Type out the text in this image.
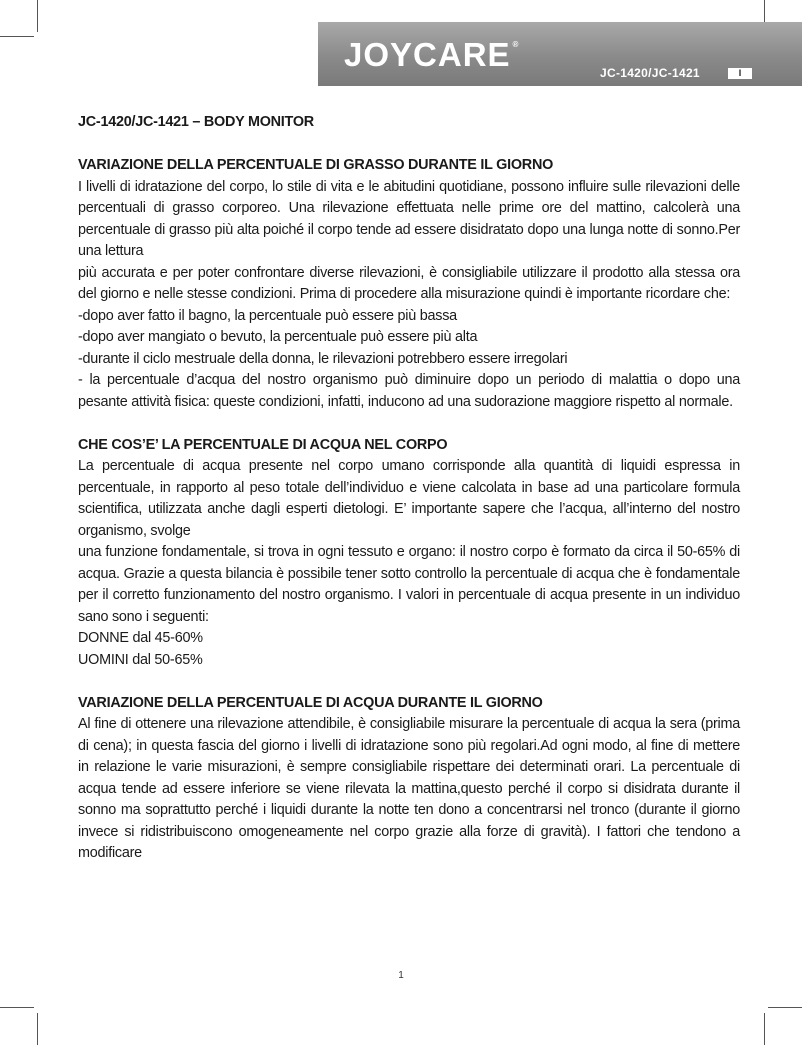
JOYCARE ®
JC-1420/JC-1421	I
JC-1420/JC-1421 – BODY MONITOR
VARIAZIONE DELLA PERCENTUALE DI GRASSO DURANTE IL GIORNO

I livelli di idratazione del corpo, lo stile di vita e le abitudini quotidiane, possono influire sulle rilevazioni delle percentuali di grasso corporeo. Una rilevazione effettuata nelle prime ore del mattino, calcolerà una percentuale di grasso più alta poiché il corpo tende ad essere disidratato dopo una lunga notte di sonno.Per una lettura

più accurata e per poter confrontare diverse rilevazioni, è consigliabile utilizzare il prodotto alla stessa ora del giorno e nelle stesse condizioni. Prima di procedere alla misurazione quindi è importante ricordare che:

-dopo aver fatto il bagno, la percentuale può essere più bassa

-dopo aver mangiato o bevuto, la percentuale può essere più alta

-durante il ciclo mestruale della donna, le rilevazioni potrebbero essere irregolari

- la percentuale d’acqua del nostro organismo può diminuire dopo un periodo di malattia o dopo una pesante attività fisica: queste condizioni, infatti, inducono ad una sudorazione maggiore rispetto al normale.

CHE COS’E’ LA PERCENTUALE DI ACQUA NEL CORPO

La percentuale di acqua presente nel corpo umano corrisponde alla quantità di liquidi espressa in percentuale, in rapporto al peso totale dell’individuo e viene calcolata in base ad una particolare formula scientifica, utilizzata anche dagli esperti dietologi. E’ importante sapere che l’acqua, all’interno del nostro organismo, svolge

una funzione fondamentale, si trova in ogni tessuto e organo: il nostro corpo è formato da circa il 50-65% di acqua. Grazie a questa bilancia è possibile tener sotto controllo la percentuale di acqua che è fondamentale per il corretto funzionamento del nostro organismo. I valori in percentuale di acqua presente in un individuo sano sono i seguenti:

DONNE dal 45-60%

UOMINI dal 50-65%

VARIAZIONE DELLA PERCENTUALE DI ACQUA DURANTE IL GIORNO

Al fine di ottenere una rilevazione attendibile, è consigliabile misurare la percentuale di acqua la sera (prima di cena); in questa fascia del giorno i livelli di idratazione sono più regolari.Ad ogni modo, al fine di mettere in relazione le varie misurazioni, è sempre consigliabile rispettare dei determinati orari. La percentuale di acqua tende ad essere inferiore se viene rilevata la mattina,questo perché il corpo si disidrata durante il sonno ma soprattutto perché i liquidi durante la notte ten dono a concentrarsi nel tronco (durante il giorno invece si ridistribuiscono omogeneamente nel corpo grazie alla forze di gravità). I fattori che tendono a modificare

1
